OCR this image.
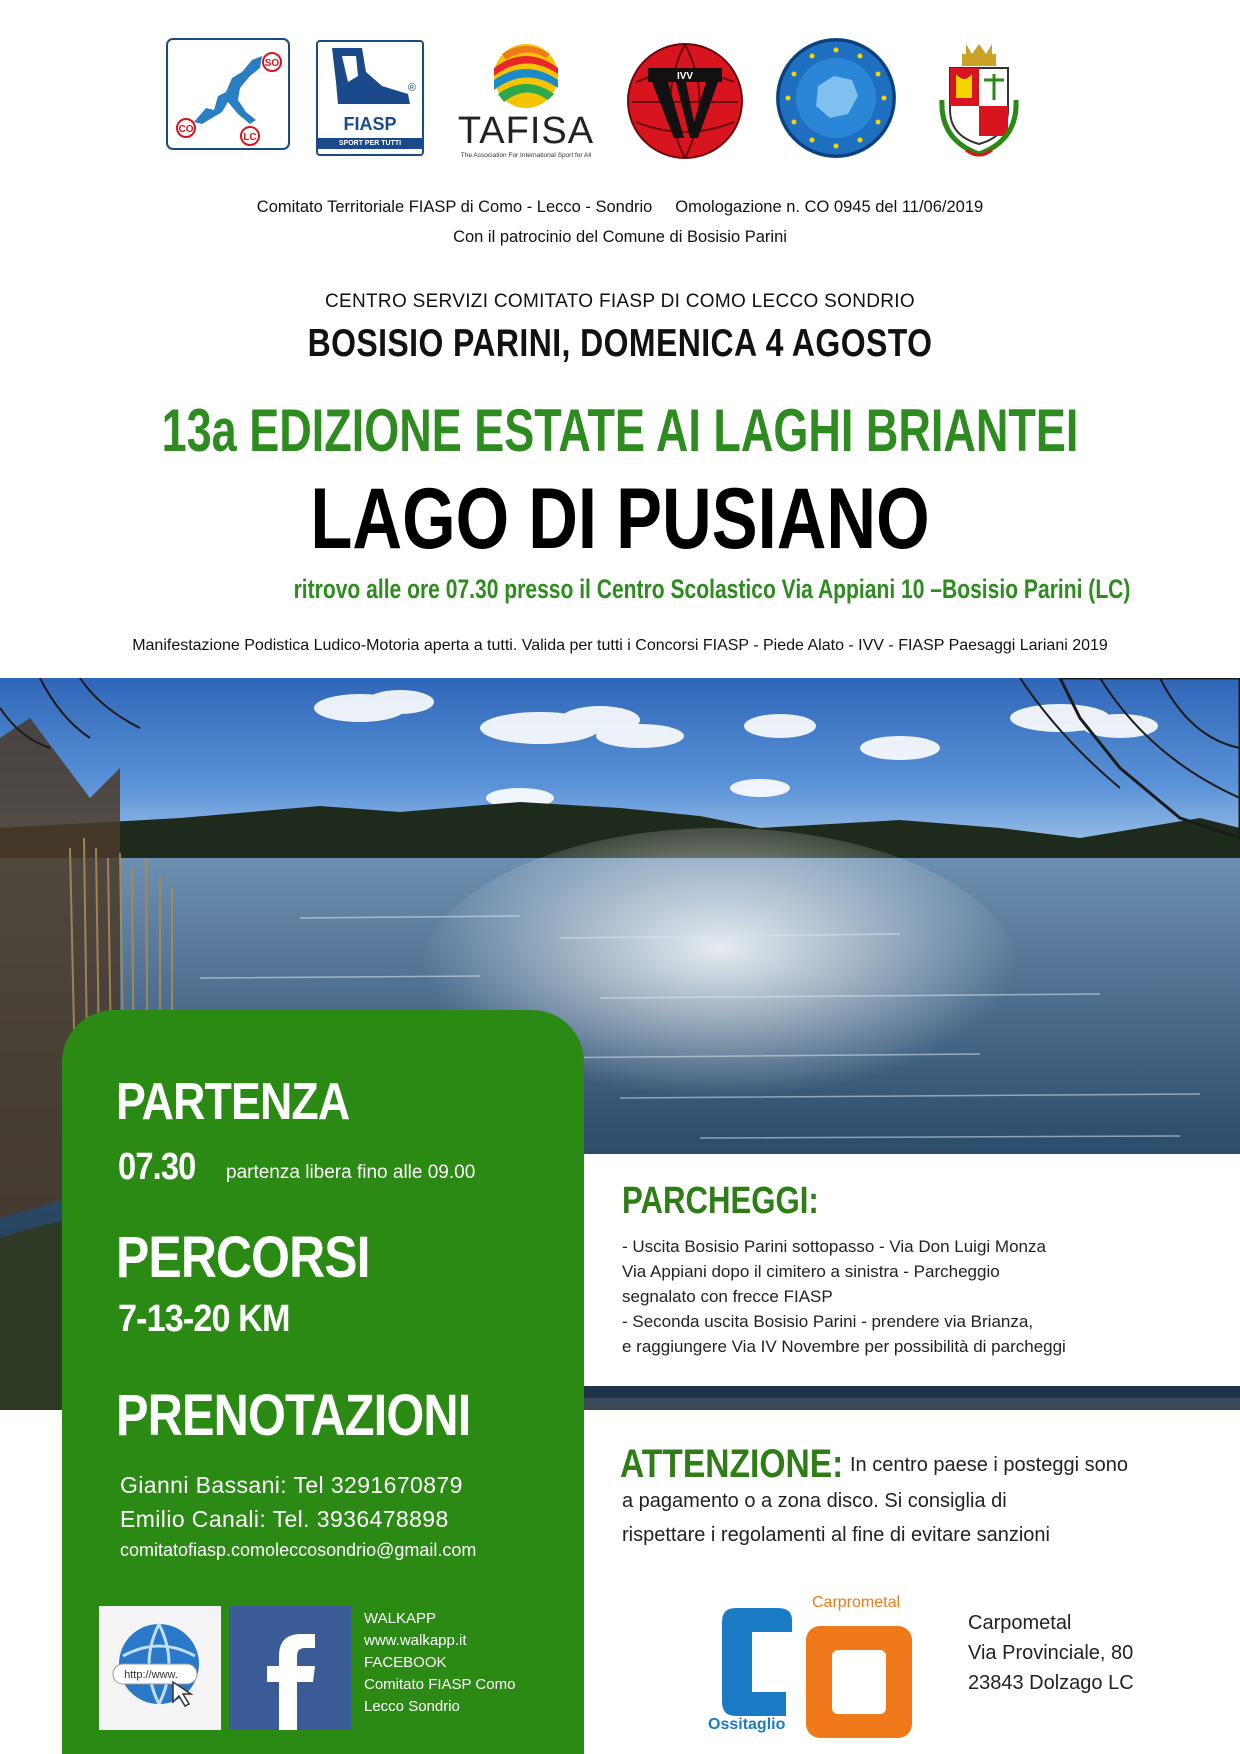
SO
CO
LC
®
FIASP
SPORT PER TUTTI	TAFISA
The Association For International Sport for All
IVV
Comitato Territoriale FIASP di Como - Lecco - Sondrio     Omologazione n. CO 0945 del 11/06/2019
Con il patrocinio del Comune di Bosisio Parini
CENTRO SERVIZI COMITATO FIASP DI COMO LECCO SONDRIO
BOSISIO PARINI, DOMENICA 4 AGOSTO
13a EDIZIONE ESTATE AI LAGHI BRIANTEI
LAGO DI PUSIANO
ritrovo alle ore 07.30 presso il Centro Scolastico Via Appiani 10 –Bosisio Parini (LC)
Manifestazione Podistica Ludico-Motoria aperta a tutti. Valida per tutti i Concorsi FIASP - Piede Alato - IVV - FIASP Paesaggi Lariani 2019
PARTENZA
07.30 partenza libera fino alle 09.00
PERCORSI
7-13-20 KM
PRENOTAZIONI
Gianni Bassani: Tel 3291670879
Emilio Canali: Tel. 3936478898
comitatofiasp.comoleccosondrio@gmail.com
http://www.
WALKAPP
www.walkapp.it
FACEBOOK
Comitato FIASP Como
Lecco Sondrio
PARCHEGGI:
- Uscita Bosisio Parini sottopasso - Via Don Luigi Monza
Via Appiani dopo il cimitero a sinistra - Parcheggio
segnalato con frecce FIASP
- Seconda uscita Bosisio Parini - prendere via Brianza,
e raggiungere Via IV Novembre per possibilità di parcheggi
ATTENZIONE: In centro paese i posteggi sono
a pagamento o a zona disco. Si consiglia di
rispettare i regolamenti al fine di evitare sanzioni
Carprometal
Ossitaglio
Carpometal
Via Provinciale, 80
23843 Dolzago LC
